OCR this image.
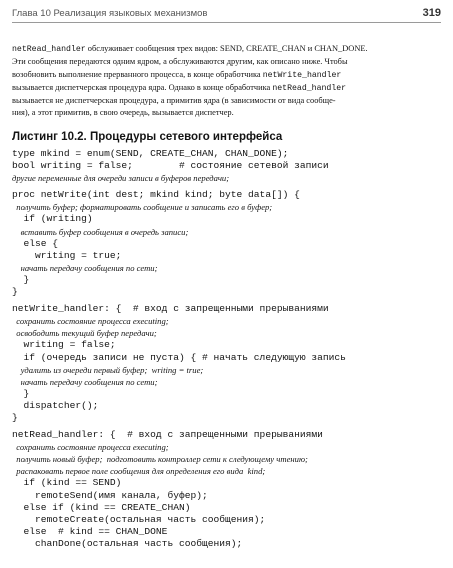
Глава 10 Реализация языковых механизмов	319

netRead_handler обслуживает сообщения трех видов: SEND, CREATE_CHAN и CHAN_DONE.

Эти сообщения передаются одним ядром, а обслуживаются другим, как описано ниже. Чтобы

возобновить выполнение прерванного процесса, в конце обработчика netWrite_handler

вызывается диспетчерская процедура ядра. Однако в конце обработчика netRead_handler

вызывается не диспетчерская процедура, а примитив ядра (в зависимости от вида сообще-

ния), а этот примитив, в свою очередь, вызывается диспетчер.

Листинг 10.2. Процедуры сетевого интерфейса
type mkind = enum(SEND, CREATE_CHAN, CHAN_DONE);
bool writing = false;        # состояние сетевой записи
другие переменные для очереди записи в буферов передачи;
proc netWrite(int dest; mkind kind; byte data[]) {
получить буфер; форматировать сообщение и записать его в буфер;
if (writing)
вставить буфер сообщения в очередь записи;
else {
writing = true;
начать передачу сообщения по сети;
}
}
netWrite_handler: {  # вход с запрещенными прерываниями
сохранить состояние процесса executing;
освободить текущий буфер передачи;
writing = false;
if (очередь записи не пуста) { # начать следующую запись
удалить из очереди первый буфер;  writing = true;
начать передачу сообщения по сети;
}
dispatcher();
}
netRead_handler: {  # вход с запрещенными прерываниями
сохранить состояние процесса executing;
получить новый буфер;  подготовить контроллер сети к следующему чтению;
распаковать первое поле сообщения для определения его вида  kind;
if (kind == SEND)
remoteSend(имя канала, буфер);
else if (kind == CREATE_CHAN)
remoteCreate(остальная часть сообщения);
else  # kind == CHAN_DONE
chanDone(остальная часть сообщения);
